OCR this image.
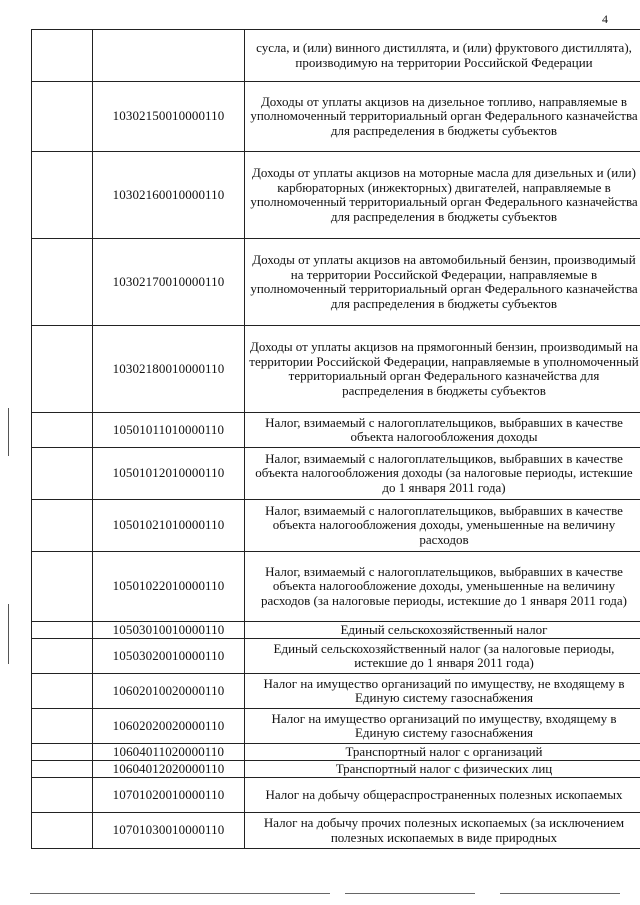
4
		сусла, и (или) винного дистиллята, и (или) фруктового дистиллята), производимую на территории Российской Федерации
	10302150010000110	Доходы от уплаты акцизов на дизельное топливо, направляемые в уполномоченный территориальный орган Федерального казначейства для распределения в бюджеты субъектов
	10302160010000110	Доходы от уплаты акцизов на моторные масла для дизельных и (или) карбюраторных (инжекторных) двигателей, направляемые в уполномоченный территориальный орган Федерального казначейства для распределения в бюджеты субъектов
	10302170010000110	Доходы от уплаты акцизов на автомобильный бензин, производимый на территории Российской Федерации, направляемые в уполномоченный территориальный орган Федерального казначейства для распределения в бюджеты субъектов
	10302180010000110	Доходы от уплаты акцизов на прямогонный бензин, производимый на территории Российской Федерации, направляемые в уполномоченный территориальный орган Федерального казначейства для распределения в бюджеты субъектов
	10501011010000110	Налог, взимаемый с налогоплательщиков, выбравших в качестве объекта налогообложения доходы
	10501012010000110	Налог, взимаемый с налогоплательщиков, выбравших в качестве объекта налогообложения доходы (за налоговые периоды, истекшие до 1 января 2011 года)
	10501021010000110	Налог, взимаемый с налогоплательщиков, выбравших в качестве объекта налогообложения доходы, уменьшенные на величину расходов
	10501022010000110	Налог, взимаемый с налогоплательщиков, выбравших в качестве объекта налогообложение доходы, уменьшенные на величину расходов (за налоговые периоды, истекшие до 1 января 2011 года)
	10503010010000110	Единый сельскохозяйственный налог
	10503020010000110	Единый сельскохозяйственный налог (за налоговые периоды, истекшие до 1 января 2011 года)
	10602010020000110	Налог на имущество организаций по имуществу, не входящему в Единую систему газоснабжения
	10602020020000110	Налог на имущество организаций по имуществу, входящему в Единую систему газоснабжения
	10604011020000110	Транспортный налог с организаций
	10604012020000110	Транспортный налог с физических лиц
	10701020010000110	Налог на добычу общераспространенных полезных ископаемых
	10701030010000110	Налог на добычу прочих полезных ископаемых (за исключением полезных ископаемых в виде природных
